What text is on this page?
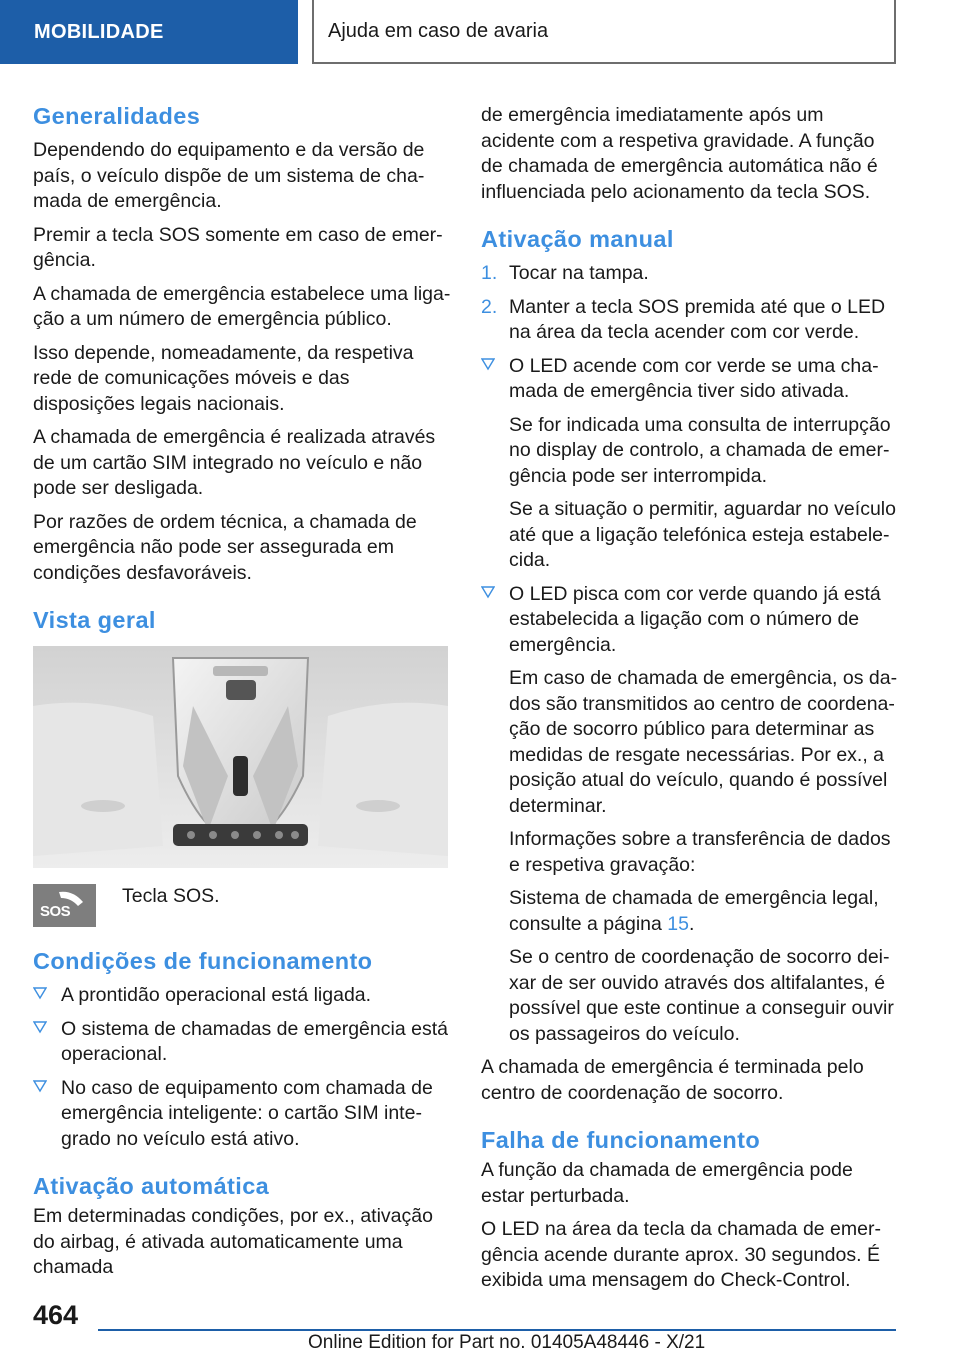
MOBILIDADE	Ajuda em caso de avaria
Generalidades

Dependendo do equipamento e da versão de país, o veículo dispõe de um sistema de chamada de emergência.

Premir a tecla SOS somente em caso de emergência.

A chamada de emergência estabelece uma ligação a um número de emergência público.

Isso depende, nomeadamente, da respetiva rede de comunicações móveis e das disposições legais nacionais.

A chamada de emergência é realizada através de um cartão SIM integrado no veículo e não pode ser desligada.

Por razões de ordem técnica, a chamada de emergência não pode ser assegurada em condições desfavoráveis.

Vista geral
SOS
Tecla SOS.
Condições de funcionamento
A prontidão operacional está ligada.
O sistema de chamadas de emergência está operacional.
No caso de equipamento com chamada de emergência inteligente: o cartão SIM integrado no veículo está ativo.
Ativação automática

Em determinadas condições, por ex., ativação do airbag, é ativada automaticamente uma chamada

de emergência imediatamente após um acidente com a respetiva gravidade. A função de chamada de emergência automática não é influenciada pelo acionamento da tecla SOS.

Ativação manual
1. Tocar na tampa.
2. Manter a tecla SOS premida até que o LED na área da tecla acender com cor verde.
O LED acende com cor verde se uma chamada de emergência tiver sido ativada.

Se for indicada uma consulta de interrupção no display de controlo, a chamada de emergência pode ser interrompida.

Se a situação o permitir, aguardar no veículo até que a ligação telefónica esteja estabelecida.

O LED pisca com cor verde quando já está estabelecida a ligação com o número de emergência.

Em caso de chamada de emergência, os dados são transmitidos ao centro de coordenação de socorro público para determinar as medidas de resgate necessárias. Por ex., a posição atual do veículo, quando é possível determinar.

Informações sobre a transferência de dados e respetiva gravação:

Sistema de chamada de emergência legal, consulte a página 15.

Se o centro de coordenação de socorro deixar de ser ouvido através dos altifalantes, é possível que este continue a conseguir ouvir os passageiros do veículo.

A chamada de emergência é terminada pelo centro de coordenação de socorro.

Falha de funcionamento

A função da chamada de emergência pode estar perturbada.

O LED na área da tecla da chamada de emergência acende durante aprox. 30 segundos. É exibida uma mensagem do Check-Control.

464
Online Edition for Part no. 01405A48446 - X/21
